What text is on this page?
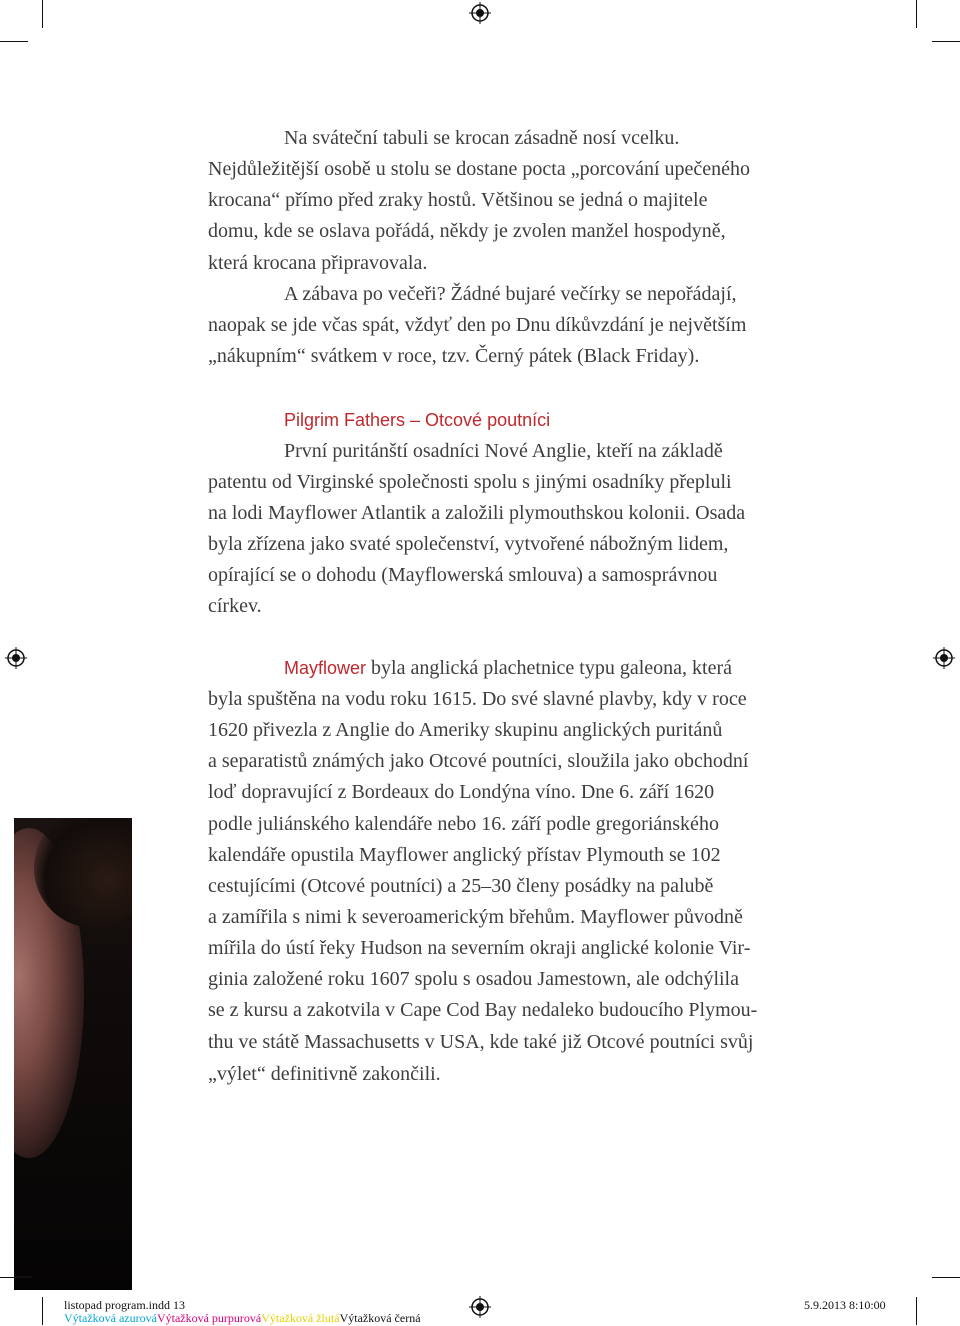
Na sváteční tabuli se krocan zásadně nosí vcelku.
Nejdůležitější osobě u stolu se dostane pocta „porcování upečeného
krocana“ přímo před zraky hostů. Většinou se jedná o majitele
domu, kde se oslava pořádá, někdy je zvolen manžel hospodyně,
která krocana připravovala.
A zábava po večeři? Žádné bujaré večírky se nepořádají,
naopak se jde včas spát, vždyť den po Dnu díkůvzdání je největším
„nákupním“ svátkem v roce, tzv. Černý pátek (Black Friday).
Pilgrim Fathers – Otcové poutníci
První puritánští osadníci Nové Anglie, kteří na základě
patentu od Virginské společnosti spolu s jinými osadníky přepluli
na lodi Mayflower Atlantik a založili plymouthskou kolonii. Osada
byla zřízena jako svaté společenství, vytvořené nábožným lidem,
opírající se o dohodu (Mayflowerská smlouva) a samosprávnou
církev.
Mayflower byla anglická plachetnice typu galeona, která
byla spuštěna na vodu roku 1615. Do své slavné plavby, kdy v roce
1620 přivezla z Anglie do Ameriky skupinu anglických puritánů
a separatistů známých jako Otcové poutníci, sloužila jako obchodní
loď dopravující z Bordeaux do Londýna víno. Dne 6. září 1620
podle juliánského kalendáře nebo 16. září podle gregoriánského
kalendáře opustila Mayflower anglický přístav Plymouth se 102
cestujícími (Otcové poutníci) a 25–30 členy posádky na palubě
a zamířila s nimi k severoamerickým břehům. Mayflower původně
mířila do ústí řeky Hudson na severním okraji anglické kolonie Vir-
ginia založené roku 1607 spolu s osadou Jamestown, ale odchýlila
se z kursu a zakotvila v Cape Cod Bay nedaleko budoucího Plymou-
thu ve státě Massachusetts v USA, kde také již Otcové poutníci svůj
„výlet“ definitivně zakončili.
listopad program.indd 13	5.9.2013 8:10:00
Výtažková azurováVýtažková purpurováVýtažková žlutáVýtažková černá
